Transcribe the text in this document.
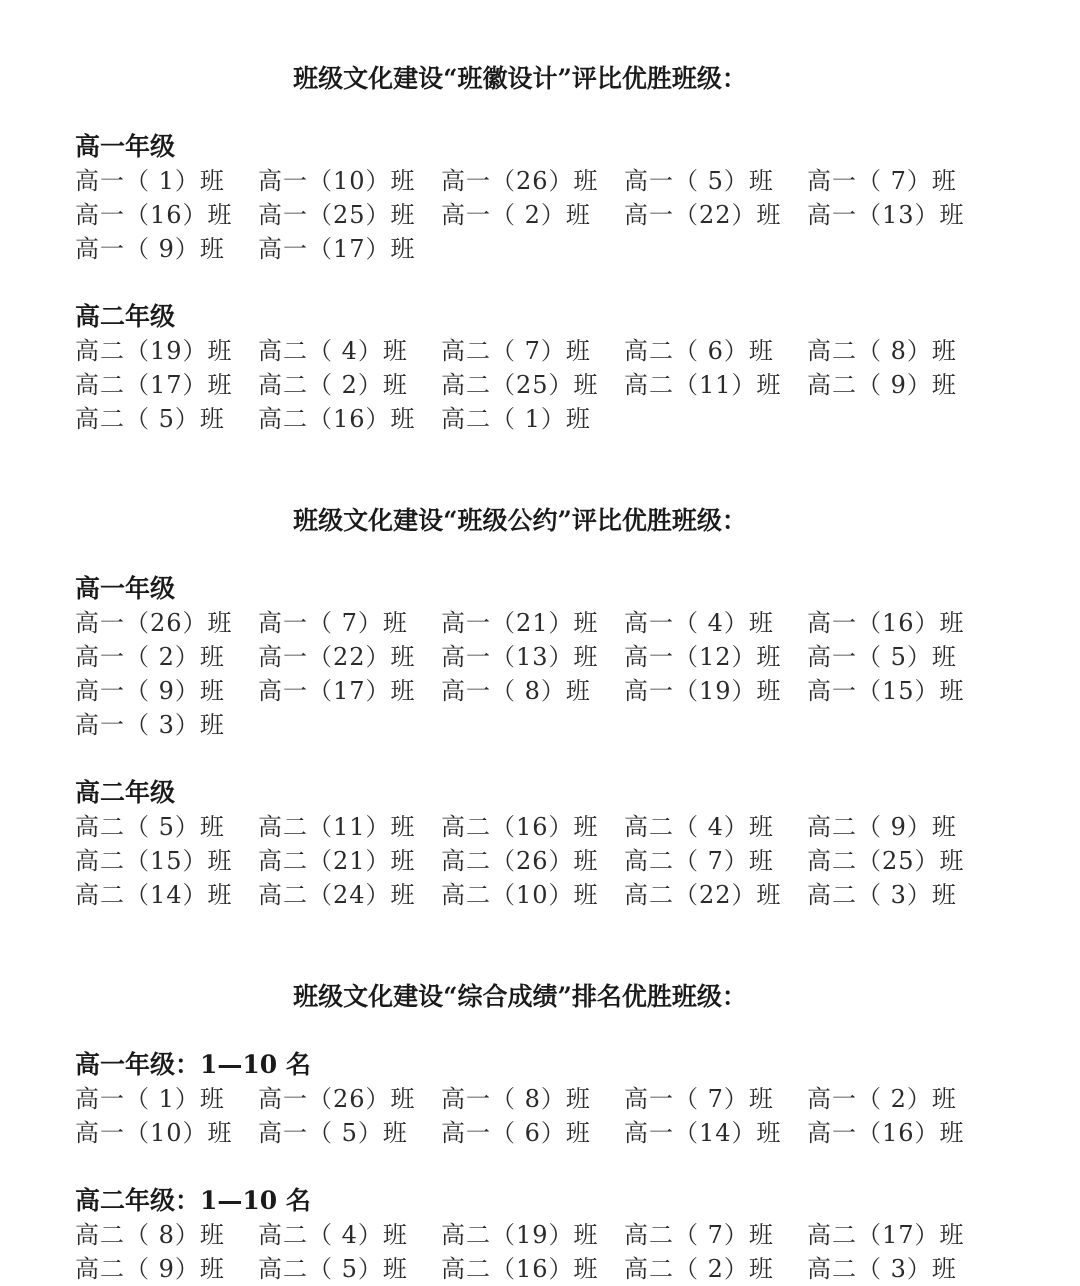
班级文化建设“班徽设计”评比优胜班级：
高一年级
高一（ 1）班 高一（10）班 高一（26）班 高一（ 5）班 高一（ 7）班
高一（16）班 高一（25）班 高一（ 2）班 高一（22）班 高一（13）班
高一（ 9）班 高一（17）班
高二年级
高二（19）班 高二（ 4）班 高二（ 7）班 高二（ 6）班 高二（ 8）班
高二（17）班 高二（ 2）班 高二（25）班 高二（11）班 高二（ 9）班
高二（ 5）班 高二（16）班 高二（ 1）班
班级文化建设“班级公约”评比优胜班级：
高一年级
高一（26）班 高一（ 7）班 高一（21）班 高一（ 4）班 高一（16）班
高一（ 2）班 高一（22）班 高一（13）班 高一（12）班 高一（ 5）班
高一（ 9）班 高一（17）班 高一（ 8）班 高一（19）班 高一（15）班
高一（ 3）班
高二年级
高二（ 5）班 高二（11）班 高二（16）班 高二（ 4）班 高二（ 9）班
高二（15）班 高二（21）班 高二（26）班 高二（ 7）班 高二（25）班
高二（14）班 高二（24）班 高二（10）班 高二（22）班 高二（ 3）班
班级文化建设“综合成绩”排名优胜班级：
高一年级：1—10 名
高一（ 1）班 高一（26）班 高一（ 8）班 高一（ 7）班 高一（ 2）班
高一（10）班 高一（ 5）班 高一（ 6）班 高一（14）班 高一（16）班
高二年级：1—10 名
高二（ 8）班 高二（ 4）班 高二（19）班 高二（ 7）班 高二（17）班
高二（ 9）班 高二（ 5）班 高二（16）班 高二（ 2）班 高二（ 3）班
